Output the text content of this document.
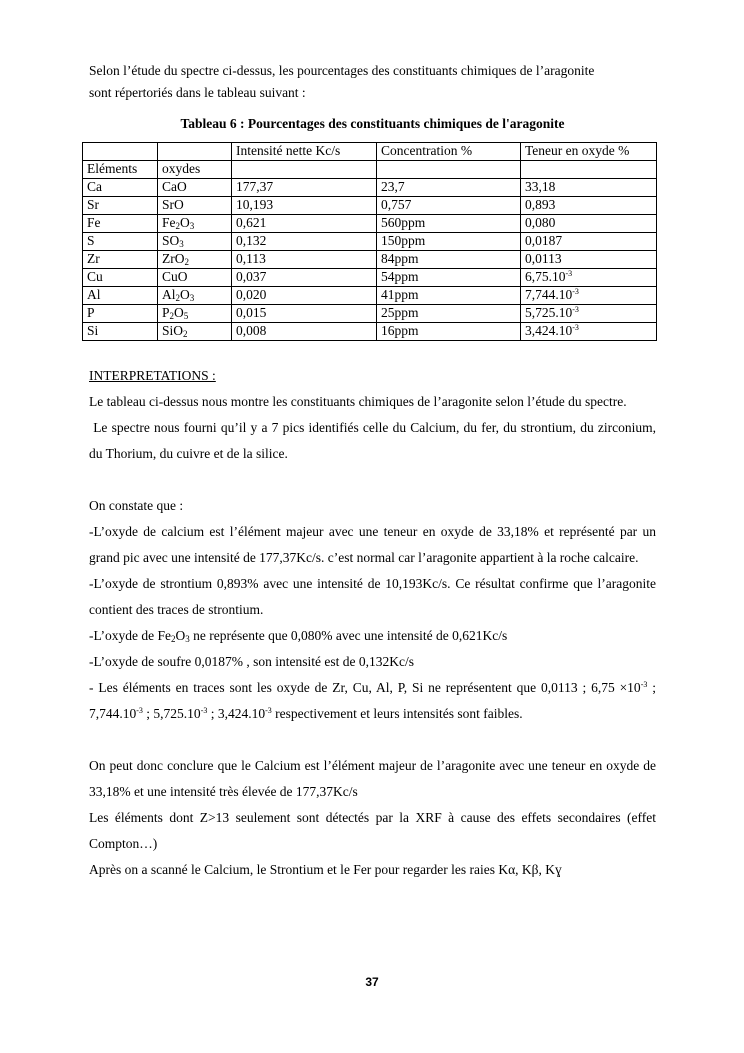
Selon l’étude du spectre ci-dessus, les pourcentages des constituants chimiques de l’aragonite

sont répertoriés dans le tableau suivant :

Tableau 6 : Pourcentages des constituants chimiques de l'aragonite

		Intensité nette Kc/s	Concentration %	Teneur en oxyde %
Eléments	oxydes			
Ca	CaO	177,37	23,7	33,18
Sr	SrO	10,193	0,757	0,893
Fe	$Fe_2O_3$	0,621	560ppm	0,080
S	$SO_3$	0,132	150ppm	0,0187
Zr	ZrO$_2$	0,113	84ppm	0,0113
Cu	CuO	0,037	54ppm	$6,75.10^{-3}$
Al	$Al_2O_3$	0,020	41ppm	$7,744.10^{-3}$
P	$P_2O_5$	0,015	25ppm	$5,725.10^{-3}$
Si	SiO$_2$	0,008	16ppm	$3,424.10^{-3}$

INTERPRETATIONS :

Le tableau ci-dessus nous montre les constituants chimiques de l’aragonite selon l’étude du spectre.

Le spectre nous fourni qu’il y a 7 pics identifiés celle du Calcium, du fer, du strontium, du zirconium, du Thorium, du cuivre et de la silice.

On constate que :

-L’oxyde de calcium est l’élément majeur avec une teneur en oxyde de 33,18% et représenté par un grand pic avec une intensité de 177,37Kc/s. c’est normal car l’aragonite appartient à la roche calcaire.

-L’oxyde de strontium 0,893% avec une intensité de 10,193Kc/s. Ce résultat confirme que l’aragonite contient des traces de strontium.

-L’oxyde de $Fe_2O_3$ ne représente que 0,080% avec une intensité de 0,621Kc/s

-L’oxyde de soufre 0,0187% , son intensité est de 0,132Kc/s

- Les éléments en traces sont les oxyde de Zr, Cu, Al, P, Si ne représentent que 0,0113 ; $6,75 \times 10^{-3}$ ; $7,744.10^{-3}$ ; $5,725.10^{-3}$ ; $3,424.10^{-3}$ respectivement et leurs intensités sont faibles.

On peut donc conclure que le Calcium est l’élément majeur de l’aragonite avec une teneur en oxyde de 33,18% et une intensité très élevée de 177,37Kc/s

Les éléments dont Z>13 seulement sont détectés par la XRF à cause des effets secondaires (effet Compton…)

Après on a scanné le Calcium, le Strontium et le Fer pour regarder les raies Kα, Kβ, Kɣ

37
